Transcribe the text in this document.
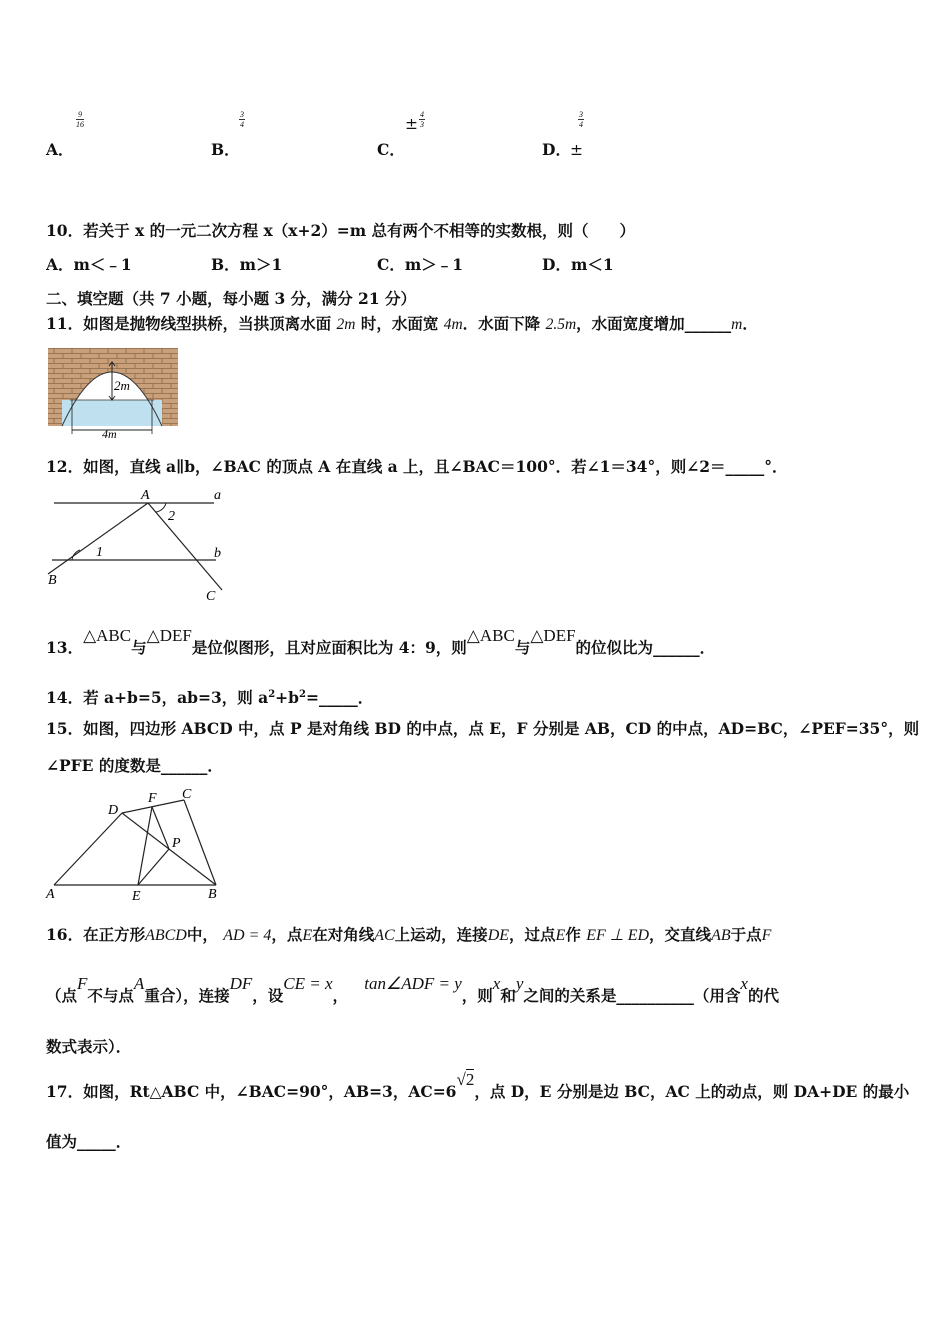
$\frac{9}{16}$
A．
$\frac{3}{4}$
B．
± $\frac{4}{3}$
C．
$\frac{3}{4}$
D． ±
10．若关于 x 的一元二次方程 x（x+2）=m 总有两个不相等的实数根，则（　　）
A．m＜﹣1	B．m＞1	C．m＞﹣1	D．m＜1
二、填空题（共 7 小题，每小题 3 分，满分 21 分）
11．如图是抛物线型拱桥，当拱顶离水面 2m 时，水面宽 4m．水面下降 2.5m，水面宽度增加______m．
2m
4m
12．如图，直线 a∥b，∠BAC 的顶点 A 在直线 a 上，且∠BAC＝100°．若∠1＝34°，则∠2＝_____°．
A	a
b
B
C
1
2
13．△ABC与△DEF是位似图形，且对应面积比为 4：9，则△ABC与△DEF的位似比为______．
14．若 a+b=5，ab=3，则 $a^2+b^2=\_\_\_\_\_$．
15．如图，四边形 ABCD 中，点 P 是对角线 BD 的中点，点 E，F 分别是 AB，CD 的中点，AD=BC，∠PEF=35°，则
∠PFE 的度数是______．
A	B
C
D
E
F
P
16．在正方形ABCD中， AD = 4，点E在对角线AC上运动，连接DE，过点E作 EF ⊥ ED，交直线AB于点F
（点F不与点A重合），连接DF，设CE = x，   tan∠ADF = y，则x和y之间的关系是__________（用含x的代
数式表示）．
17．如图，Rt△ABC 中，∠BAC=90°，AB=3，AC=6√2，点 D，E 分别是边 BC，AC 上的动点，则 DA+DE 的最小
值为_____．
